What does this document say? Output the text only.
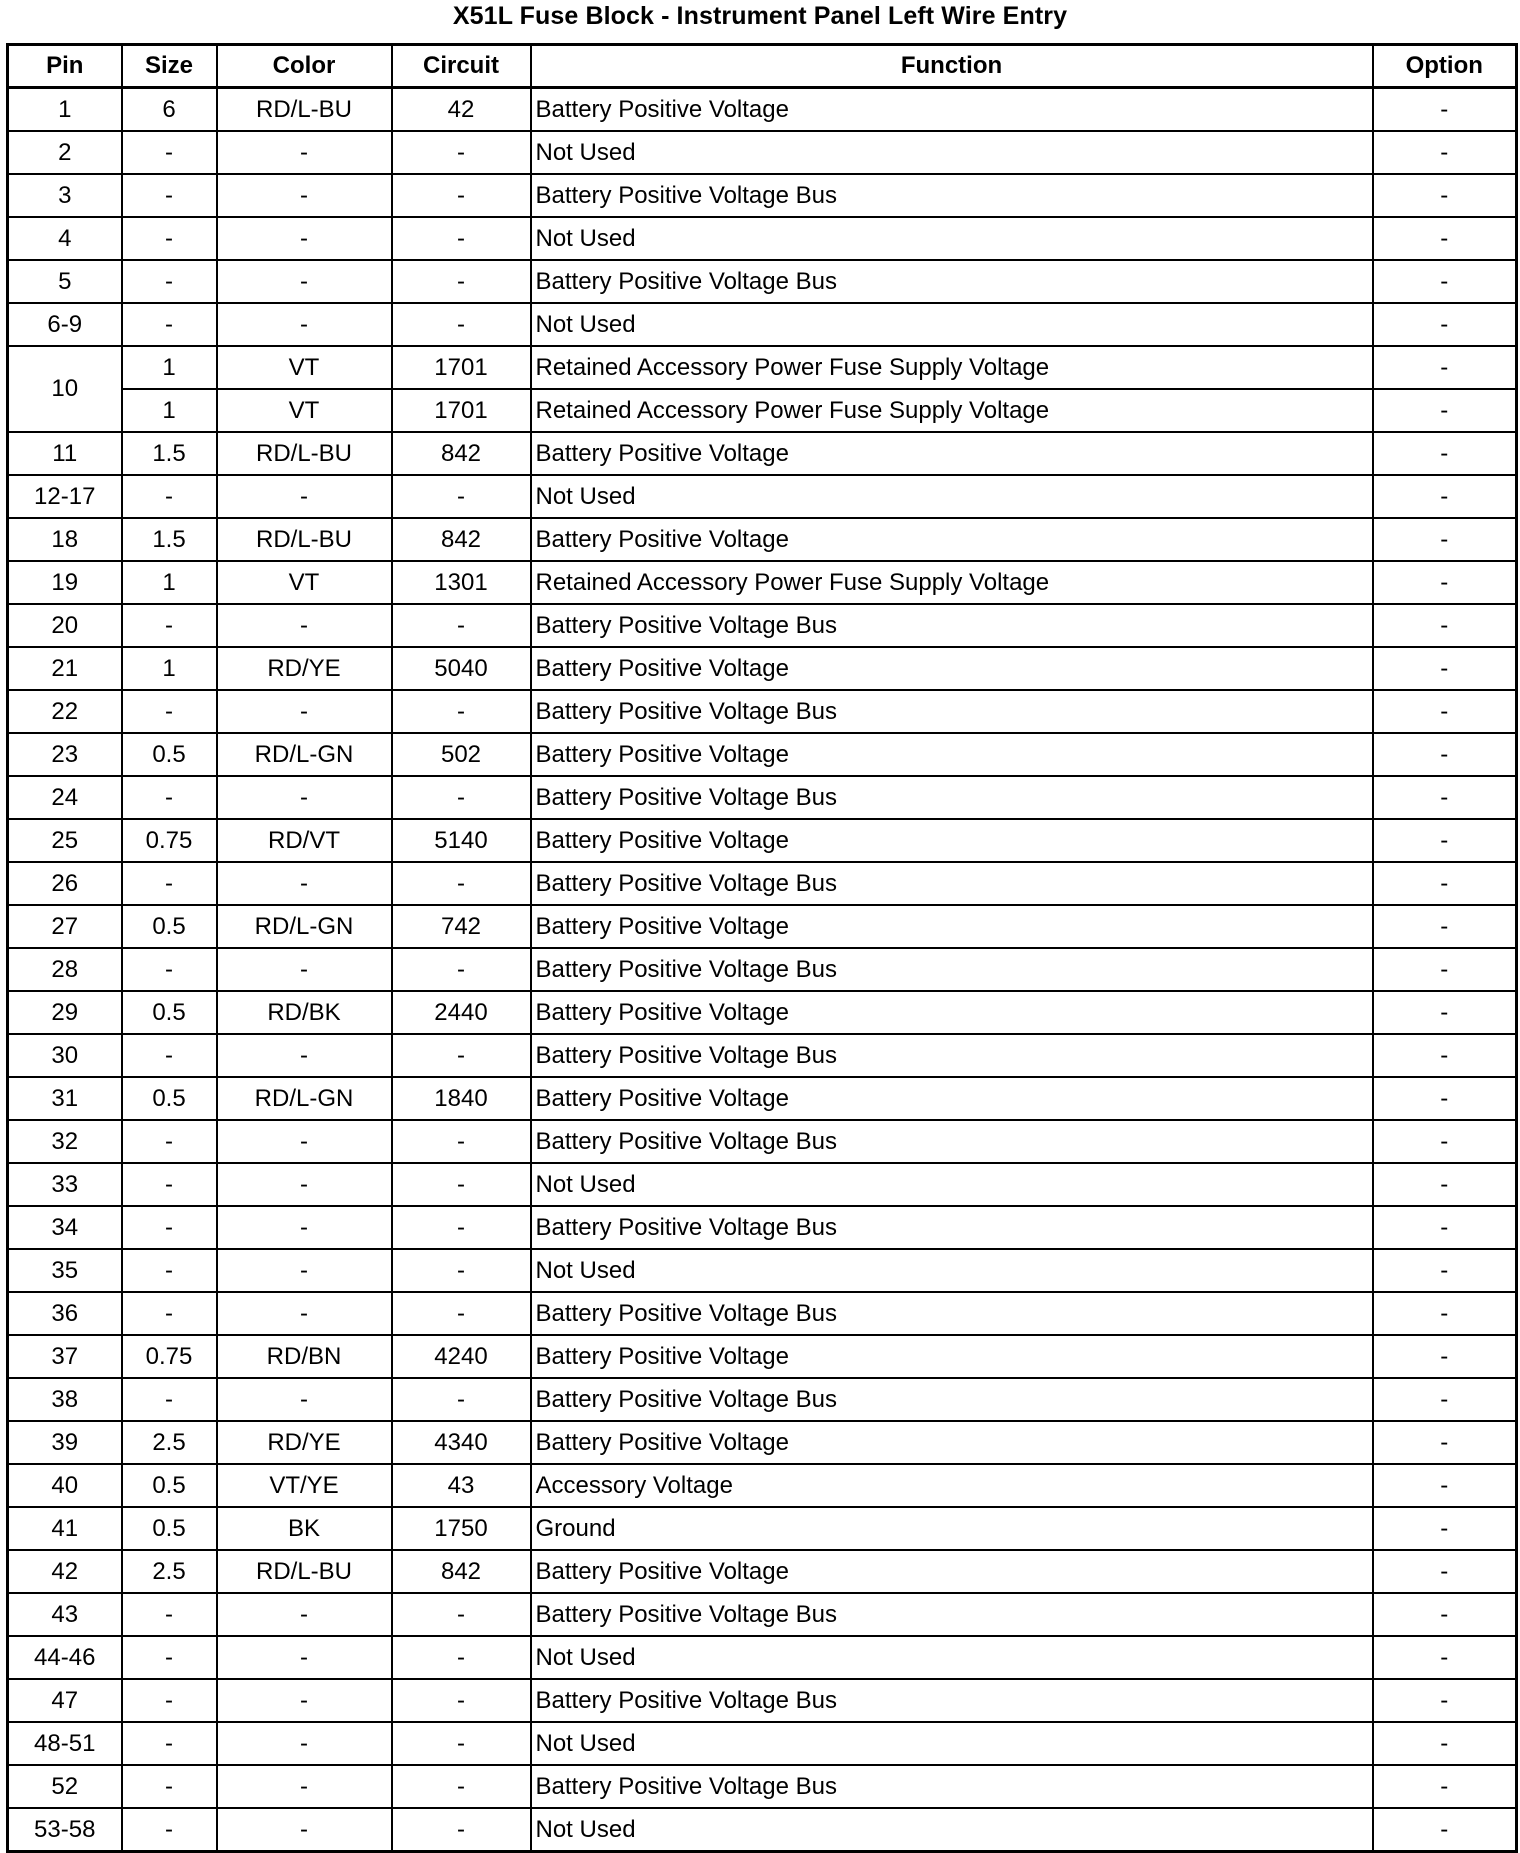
X51L Fuse Block - Instrument Panel Left Wire Entry
Pin	Size	Color	Circuit	Function	Option
1	6	RD/L-BU	42	Battery Positive Voltage	-
2	-	-	-	Not Used	-
3	-	-	-	Battery Positive Voltage Bus	-
4	-	-	-	Not Used	-
5	-	-	-	Battery Positive Voltage Bus	-
6-9	-	-	-	Not Used	-
10	1	VT	1701	Retained Accessory Power Fuse Supply Voltage	-
	1	VT	1701	Retained Accessory Power Fuse Supply Voltage	-
11	1.5	RD/L-BU	842	Battery Positive Voltage	-
12-17	-	-	-	Not Used	-
18	1.5	RD/L-BU	842	Battery Positive Voltage	-
19	1	VT	1301	Retained Accessory Power Fuse Supply Voltage	-
20	-	-	-	Battery Positive Voltage Bus	-
21	1	RD/YE	5040	Battery Positive Voltage	-
22	-	-	-	Battery Positive Voltage Bus	-
23	0.5	RD/L-GN	502	Battery Positive Voltage	-
24	-	-	-	Battery Positive Voltage Bus	-
25	0.75	RD/VT	5140	Battery Positive Voltage	-
26	-	-	-	Battery Positive Voltage Bus	-
27	0.5	RD/L-GN	742	Battery Positive Voltage	-
28	-	-	-	Battery Positive Voltage Bus	-
29	0.5	RD/BK	2440	Battery Positive Voltage	-
30	-	-	-	Battery Positive Voltage Bus	-
31	0.5	RD/L-GN	1840	Battery Positive Voltage	-
32	-	-	-	Battery Positive Voltage Bus	-
33	-	-	-	Not Used	-
34	-	-	-	Battery Positive Voltage Bus	-
35	-	-	-	Not Used	-
36	-	-	-	Battery Positive Voltage Bus	-
37	0.75	RD/BN	4240	Battery Positive Voltage	-
38	-	-	-	Battery Positive Voltage Bus	-
39	2.5	RD/YE	4340	Battery Positive Voltage	-
40	0.5	VT/YE	43	Accessory Voltage	-
41	0.5	BK	1750	Ground	-
42	2.5	RD/L-BU	842	Battery Positive Voltage	-
43	-	-	-	Battery Positive Voltage Bus	-
44-46	-	-	-	Not Used	-
47	-	-	-	Battery Positive Voltage Bus	-
48-51	-	-	-	Not Used	-
52	-	-	-	Battery Positive Voltage Bus	-
53-58	-	-	-	Not Used	-
